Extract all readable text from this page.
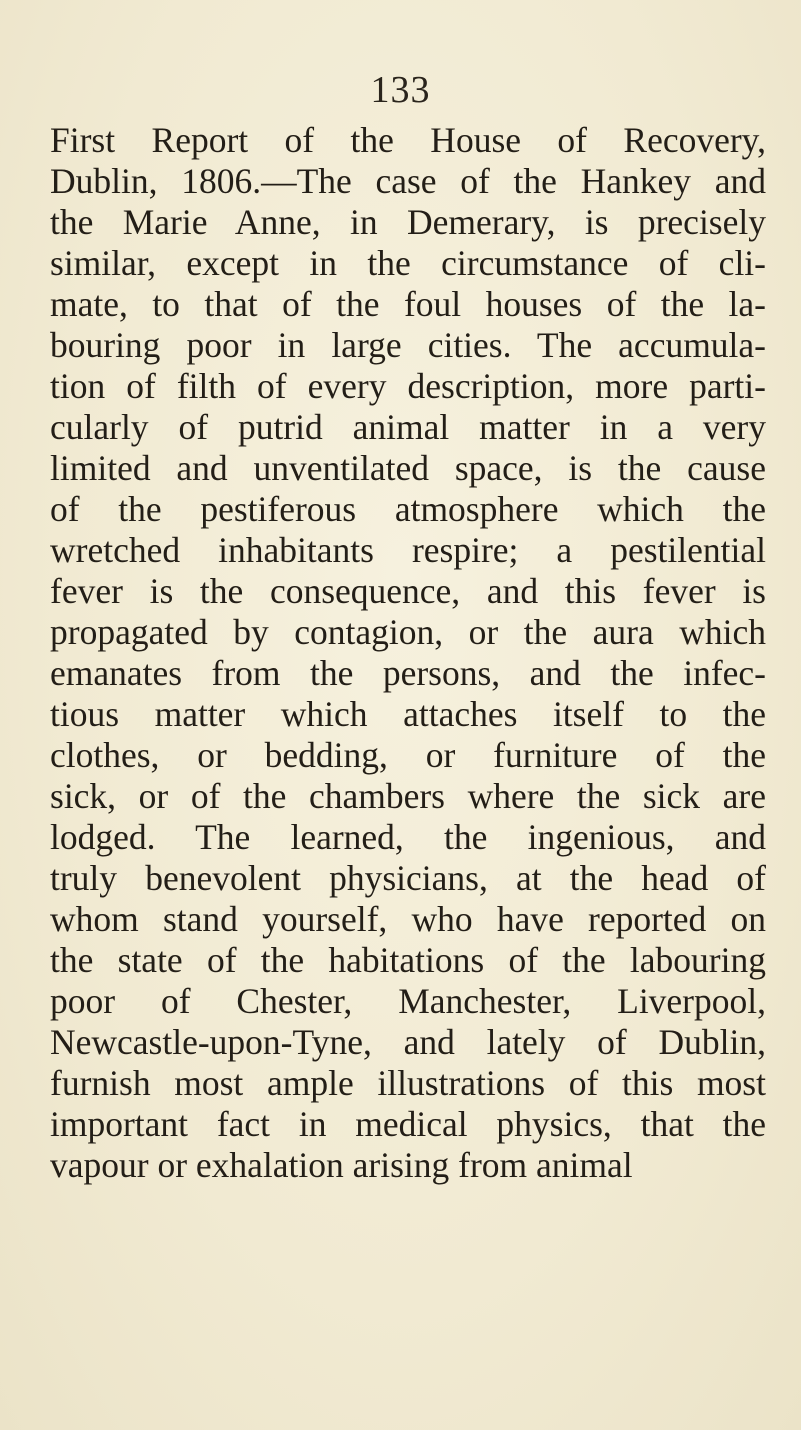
133
First Report of the House of Recovery,
Dublin, 1806.—The case of the Hankey and
the Marie Anne, in Demerary, is precisely
similar, except in the circumstance of cli-
mate, to that of the foul houses of the la-
bouring poor in large cities. The accumula-
tion of filth of every description, more parti-
cularly of putrid animal matter in a very
limited and unventilated space, is the cause
of the pestiferous atmosphere which the
wretched inhabitants respire; a pestilential
fever is the consequence, and this fever is
propagated by contagion, or the aura which
emanates from the persons, and the infec-
tious matter which attaches itself to the
clothes, or bedding, or furniture of the
sick, or of the chambers where the sick are
lodged. The learned, the ingenious, and
truly benevolent physicians, at the head of
whom stand yourself, who have reported on
the state of the habitations of the labouring
poor of Chester, Manchester, Liverpool,
Newcastle-upon-Tyne, and lately of Dublin,
furnish most ample illustrations of this most
important fact in medical physics, that the
vapour or exhalation arising from animal
